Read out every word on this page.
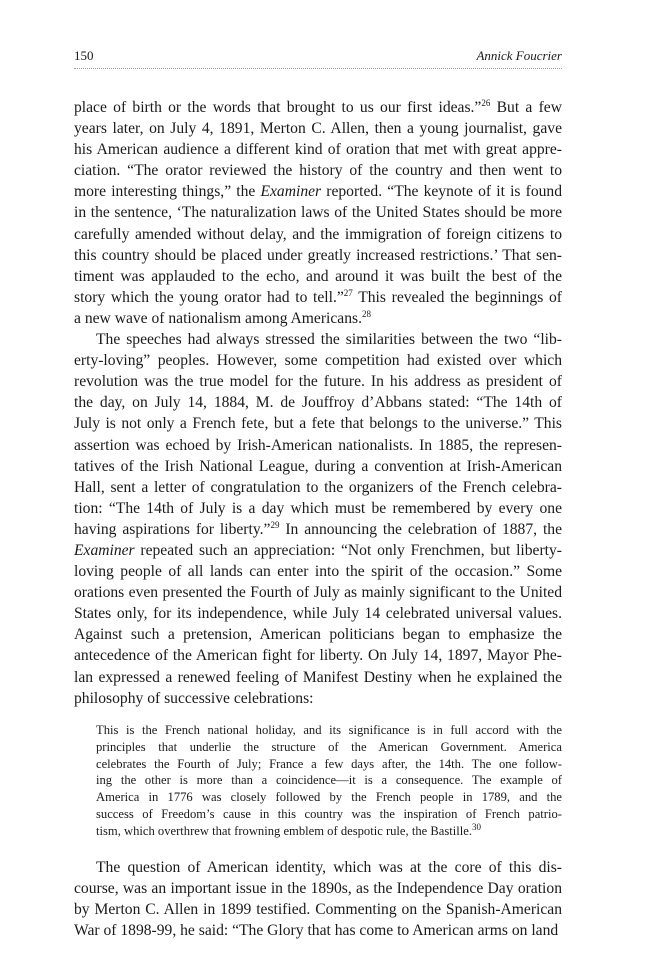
150	Annick Foucrier
place of birth or the words that brought to us our first ideas.”$^{26}$ But a few
years later, on July 4, 1891, Merton C. Allen, then a young journalist, gave
his American audience a different kind of oration that met with great appre-
ciation. “The orator reviewed the history of the country and then went to
more interesting things,” the Examiner reported. “The keynote of it is found
in the sentence, ‘The naturalization laws of the United States should be more
carefully amended without delay, and the immigration of foreign citizens to
this country should be placed under greatly increased restrictions.’ That sen-
timent was applauded to the echo, and around it was built the best of the
story which the young orator had to tell.”$^{27}$ This revealed the beginnings of
a new wave of nationalism among Americans.$^{28}$
The speeches had always stressed the similarities between the two “lib-
erty-loving” peoples. However, some competition had existed over which
revolution was the true model for the future. In his address as president of
the day, on July 14, 1884, M. de Jouffroy d’Abbans stated: “The 14th of
July is not only a French fete, but a fete that belongs to the universe.” This
assertion was echoed by Irish-American nationalists. In 1885, the represen-
tatives of the Irish National League, during a convention at Irish-American
Hall, sent a letter of congratulation to the organizers of the French celebra-
tion: “The 14th of July is a day which must be remembered by every one
having aspirations for liberty.”$^{29}$ In announcing the celebration of 1887, the
Examiner repeated such an appreciation: “Not only Frenchmen, but liberty-
loving people of all lands can enter into the spirit of the occasion.” Some
orations even presented the Fourth of July as mainly significant to the United
States only, for its independence, while July 14 celebrated universal values.
Against such a pretension, American politicians began to emphasize the
antecedence of the American fight for liberty. On July 14, 1897, Mayor Phe-
lan expressed a renewed feeling of Manifest Destiny when he explained the
philosophy of successive celebrations:
This is the French national holiday, and its significance is in full accord with the
principles that underlie the structure of the American Government. America
celebrates the Fourth of July; France a few days after, the 14th. The one follow-
ing the other is more than a coincidence—it is a consequence. The example of
America in 1776 was closely followed by the French people in 1789, and the
success of Freedom’s cause in this country was the inspiration of French patrio-
tism, which overthrew that frowning emblem of despotic rule, the Bastille.$^{30}$
The question of American identity, which was at the core of this dis-
course, was an important issue in the 1890s, as the Independence Day oration
by Merton C. Allen in 1899 testified. Commenting on the Spanish-American
War of 1898-99, he said: “The Glory that has come to American arms on land
